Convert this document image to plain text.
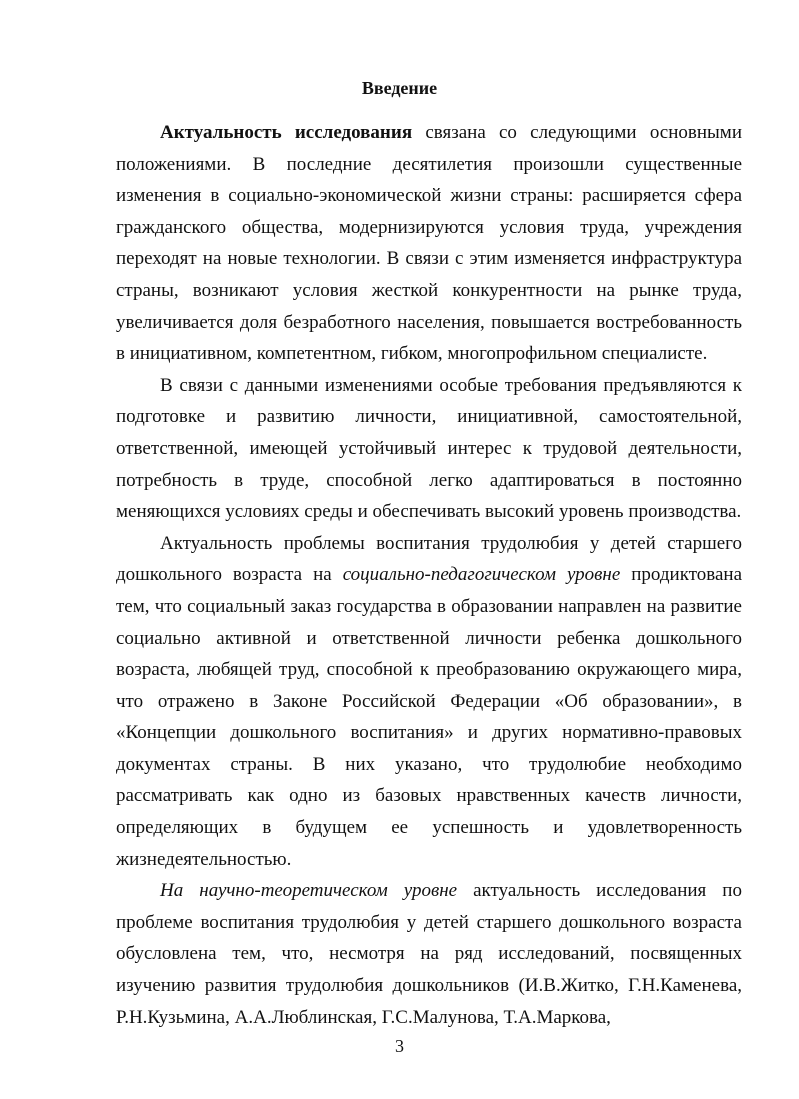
Введение

Актуальность исследования связана со следующими основными положениями. В последние десятилетия произошли существенные изменения в социально-экономической жизни страны: расширяется сфера гражданского общества, модернизируются условия труда, учреждения переходят на новые технологии. В связи с этим изменяется инфраструктура страны, возникают условия жесткой конкурентности на рынке труда, увеличивается доля безработного населения, повышается востребованность в инициативном, компетентном, гибком, многопрофильном специалисте.

В связи с данными изменениями особые требования предъявляются к подготовке и развитию личности, инициативной, самостоятельной, ответственной, имеющей устойчивый интерес к трудовой деятельности, потребность в труде, способной легко адаптироваться в постоянно меняющихся условиях среды и обеспечивать высокий уровень производства.

Актуальность проблемы воспитания трудолюбия у детей старшего дошкольного возраста на социально-педагогическом уровне продиктована тем, что социальный заказ государства в образовании направлен на развитие социально активной и ответственной личности ребенка дошкольного возраста, любящей труд, способной к преобразованию окружающего мира, что отражено в Законе Российской Федерации «Об образовании», в «Концепции дошкольного воспитания» и других нормативно-правовых документах страны. В них указано, что трудолюбие необходимо рассматривать как одно из базовых нравственных качеств личности, определяющих в будущем ее успешность и удовлетворенность жизнедеятельностью.

На научно-теоретическом уровне актуальность исследования по проблеме воспитания трудолюбия у детей старшего дошкольного возраста обусловлена тем, что, несмотря на ряд исследований, посвященных изучению развития трудолюбия дошкольников (И.В.Житко, Г.Н.Каменева, Р.Н.Кузьмина, А.А.Люблинская, Г.С.Малунова, Т.А.Маркова,

3
